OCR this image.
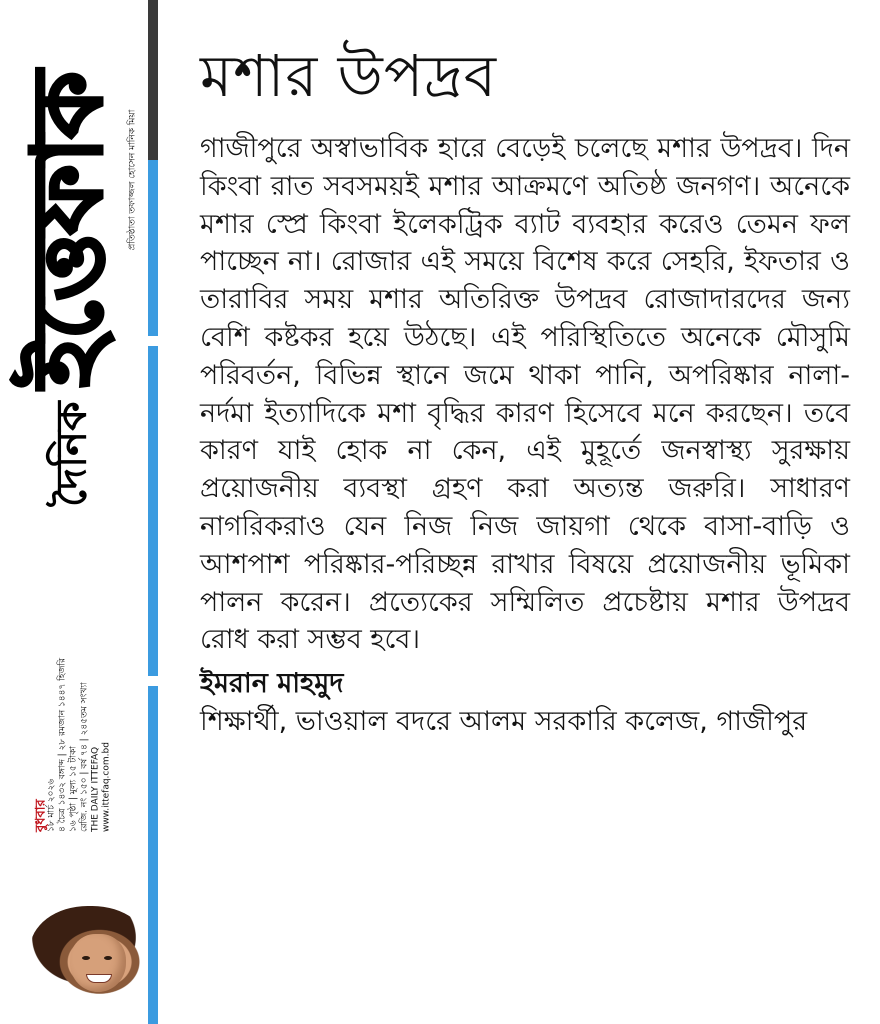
দৈনিক
ইত্তেফাক প্রতিষ্ঠাতা তফাজ্জল হোসেন মানিক মিয়া
বুধবার
১৮ মার্চ ২০২৬ ৪ চৈত্র ১৪৩২ বঙ্গাব্দ | ২৮ রমজান ১৪৪৭ হিজরি ১৬ পৃষ্ঠা | মূল্য ১৫ টাকা রেজি. নং ১৫০ | বর্ষ ৭৪ | ২৪৫তম সংখ্যা THE DAILY ITTEFAQ www.ittefaq.com.bd
মশার উপদ্রব

গাজীপুরে অস্বাভাবিক হারে বেড়েই চলেছে মশার উপদ্রব। দিন কিংবা রাত সবসময়ই মশার আক্রমণে অতিষ্ঠ জনগণ। অনেকে মশার স্প্রে কিংবা ইলেকট্রিক ব্যাট ব্যবহার করেও তেমন ফল পাচ্ছেন না। রোজার এই সময়ে বিশেষ করে সেহরি, ইফতার ও তারাবির সময় মশার অতিরিক্ত উপদ্রব রোজাদারদের জন্য বেশি কষ্টকর হয়ে উঠছে। এই পরিস্থিতিতে অনেকে মৌসুমি পরিবর্তন, বিভিন্ন স্থানে জমে থাকা পানি, অপরিষ্কার নালা-নর্দমা ইত্যাদিকে মশা বৃদ্ধির কারণ হিসেবে মনে করছেন। তবে কারণ যাই হোক না কেন, এই মুহূর্তে জনস্বাস্থ্য সুরক্ষায় প্রয়োজনীয় ব্যবস্থা গ্রহণ করা অত্যন্ত জরুরি। সাধারণ নাগরিকরাও যেন নিজ নিজ জায়গা থেকে বাসা-বাড়ি ও আশপাশ পরিষ্কার-পরিচ্ছন্ন রাখার বিষয়ে প্রয়োজনীয় ভূমিকা পালন করেন। প্রত্যেকের সম্মিলিত প্রচেষ্টায় মশার উপদ্রব রোধ করা সম্ভব হবে।

ইমরান মাহমুদ

শিক্ষার্থী, ভাওয়াল বদরে আলম সরকারি কলেজ, গাজীপুর
